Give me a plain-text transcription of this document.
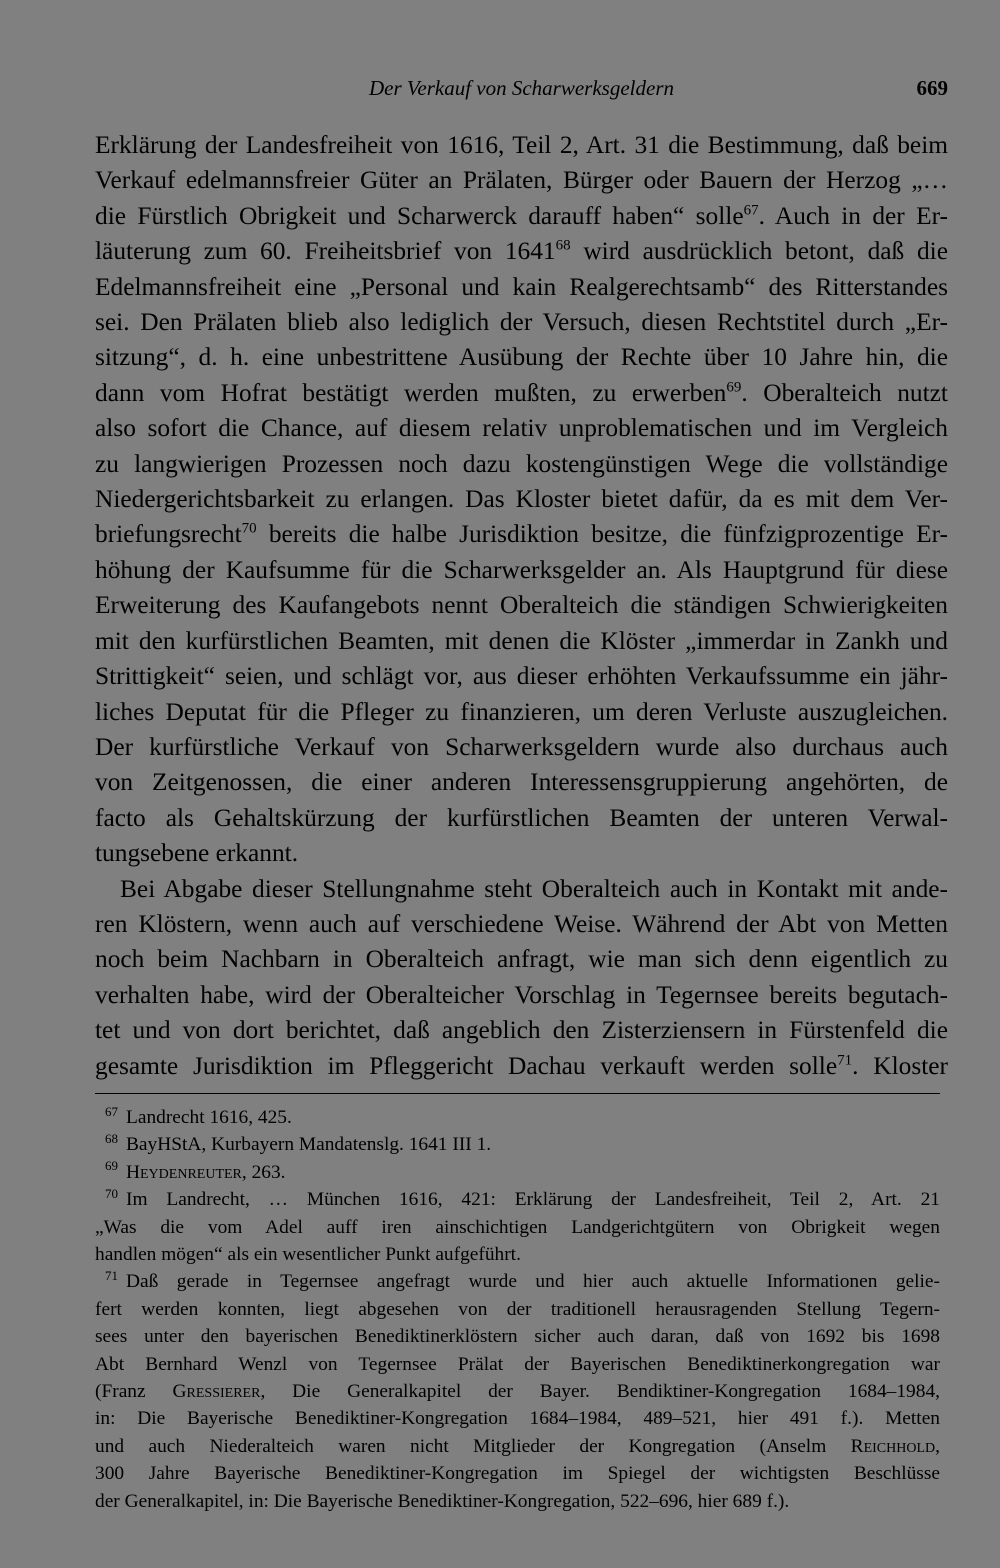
Der Verkauf von Scharwerksgeldern	669
Erklärung der Landesfreiheit von 1616, Teil 2, Art. 31 die Bestimmung, daß beim
Verkauf edelmannsfreier Güter an Prälaten, Bürger oder Bauern der Herzog „…
die Fürstlich Obrigkeit und Scharwerck darauff haben“ solle$^{67}$. Auch in der Er-
läuterung zum 60. Freiheitsbrief von 1641$^{68}$ wird ausdrücklich betont, daß die
Edelmannsfreiheit eine „Personal und kain Realgerechtsamb“ des Ritterstandes
sei. Den Prälaten blieb also lediglich der Versuch, diesen Rechtstitel durch „Er-
sitzung“, d. h. eine unbestrittene Ausübung der Rechte über 10 Jahre hin, die
dann vom Hofrat bestätigt werden mußten, zu erwerben$^{69}$. Oberalteich nutzt
also sofort die Chance, auf diesem relativ unproblematischen und im Vergleich
zu langwierigen Prozessen noch dazu kostengünstigen Wege die vollständige
Niedergerichtsbarkeit zu erlangen. Das Kloster bietet dafür, da es mit dem Ver-
briefungsrecht$^{70}$ bereits die halbe Jurisdiktion besitze, die fünfzigprozentige Er-
höhung der Kaufsumme für die Scharwerksgelder an. Als Hauptgrund für diese
Erweiterung des Kaufangebots nennt Oberalteich die ständigen Schwierigkeiten
mit den kurfürstlichen Beamten, mit denen die Klöster „immerdar in Zankh und
Strittigkeit“ seien, und schlägt vor, aus dieser erhöhten Verkaufssumme ein jähr-
liches Deputat für die Pfleger zu finanzieren, um deren Verluste auszugleichen.
Der kurfürstliche Verkauf von Scharwerksgeldern wurde also durchaus auch
von Zeitgenossen, die einer anderen Interessensgruppierung angehörten, de
facto als Gehaltskürzung der kurfürstlichen Beamten der unteren Verwal-
tungsebene erkannt.
Bei Abgabe dieser Stellungnahme steht Oberalteich auch in Kontakt mit ande-
ren Klöstern, wenn auch auf verschiedene Weise. Während der Abt von Metten
noch beim Nachbarn in Oberalteich anfragt, wie man sich denn eigentlich zu
verhalten habe, wird der Oberalteicher Vorschlag in Tegernsee bereits begutach-
tet und von dort berichtet, daß angeblich den Zisterziensern in Fürstenfeld die
gesamte Jurisdiktion im Pfleggericht Dachau verkauft werden solle$^{71}$. Kloster
$^{67}$ Landrecht 1616, 425.
$^{68}$ BayHStA, Kurbayern Mandatenslg. 1641 III 1.
$^{69}$ Heydenreuter, 263.
$^{70}$ Im Landrecht, … München 1616, 421: Erklärung der Landesfreiheit, Teil 2, Art. 21
„Was die vom Adel auff iren ainschichtigen Landgerichtgütern von Obrigkeit wegen
handlen mögen“ als ein wesentlicher Punkt aufgeführt.
$^{71}$ Daß gerade in Tegernsee angefragt wurde und hier auch aktuelle Informationen gelie-
fert werden konnten, liegt abgesehen von der traditionell herausragenden Stellung Tegern-
sees unter den bayerischen Benediktinerklöstern sicher auch daran, daß von 1692 bis 1698
Abt Bernhard Wenzl von Tegernsee Prälat der Bayerischen Benediktinerkongregation war
(Franz Gressierer, Die Generalkapitel der Bayer. Bendiktiner-Kongregation 1684–1984,
in: Die Bayerische Benediktiner-Kongregation 1684–1984, 489–521, hier 491 f.). Metten
und auch Niederalteich waren nicht Mitglieder der Kongregation (Anselm Reichhold,
300 Jahre Bayerische Benediktiner-Kongregation im Spiegel der wichtigsten Beschlüsse
der Generalkapitel, in: Die Bayerische Benediktiner-Kongregation, 522–696, hier 689 f.).
